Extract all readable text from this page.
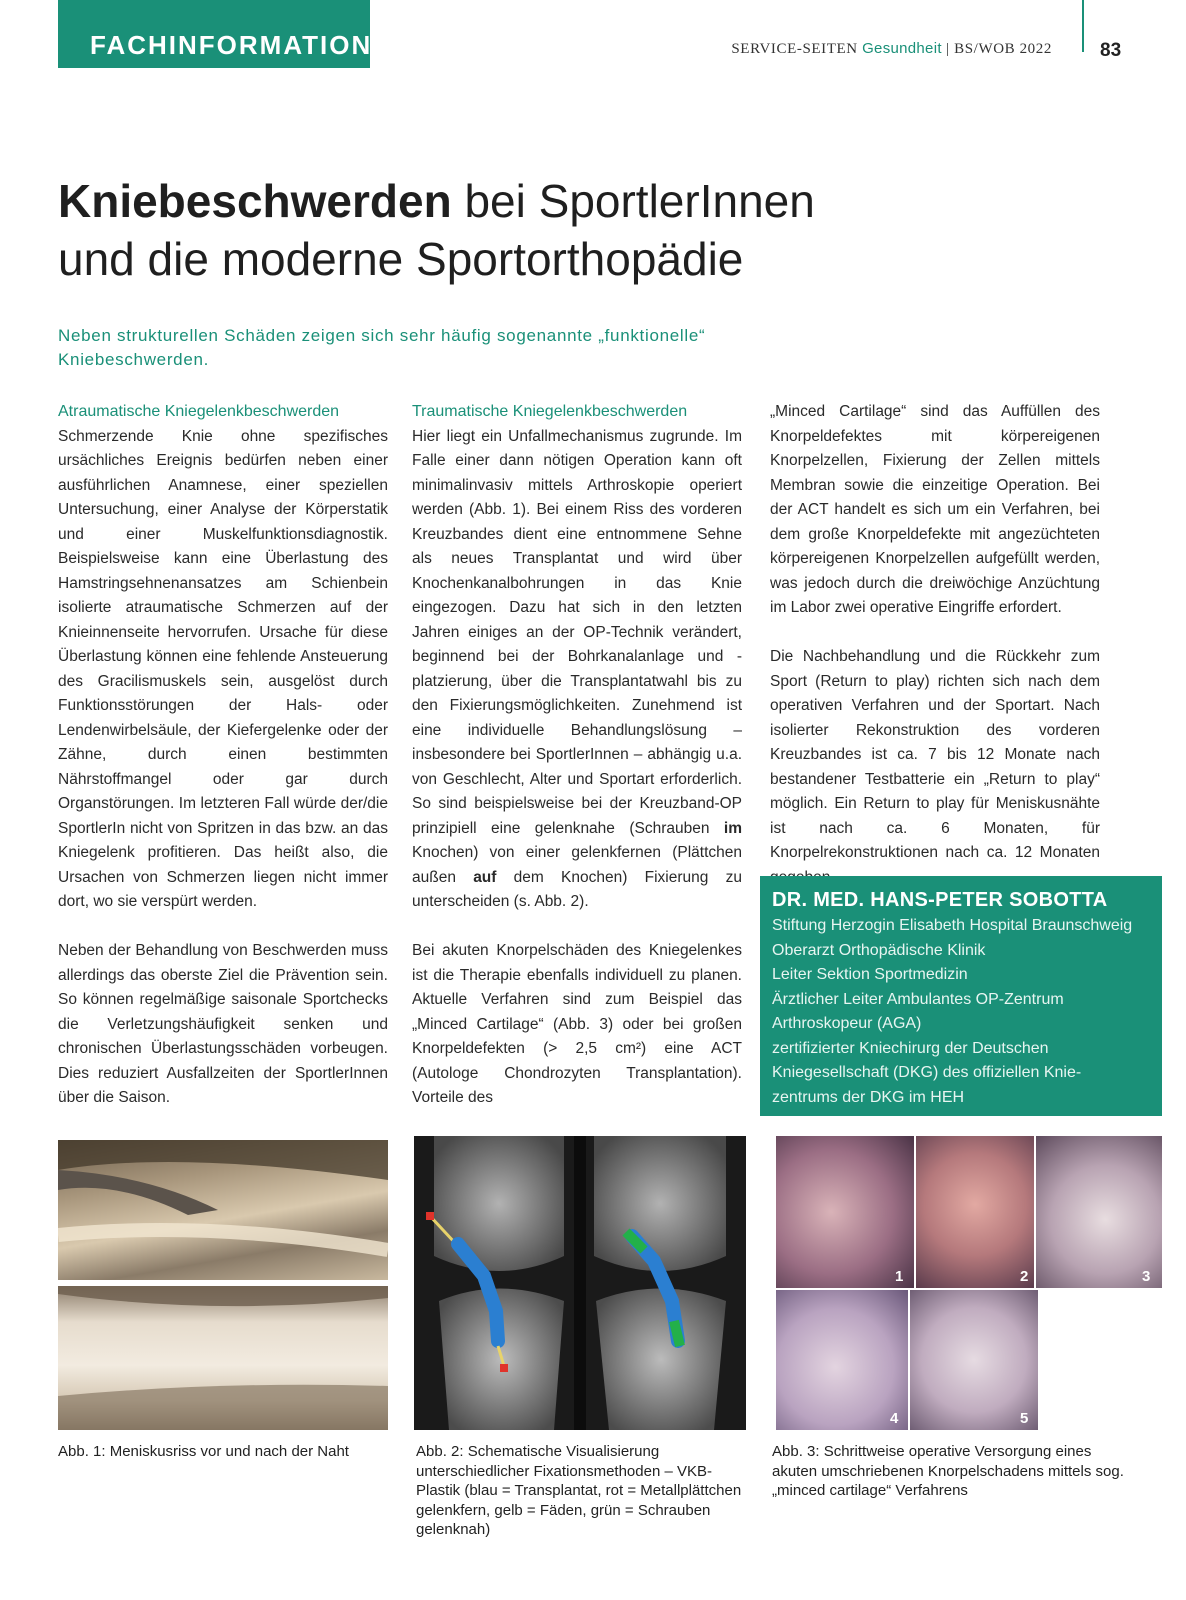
FACHINFORMATION	SERVICE-SEITEN Gesundheit | BS/WOB 2022	83
Kniebeschwerden bei SportlerInnen
und die moderne Sportorthopädie
Neben strukturellen Schäden zeigen sich sehr häufig sogenannte „funktionelle“ Kniebeschwerden.
Atraumatische Kniegelenkbeschwerden

Schmerzende Knie ohne spezifisches ursächliches Ereignis bedürfen neben einer ausführlichen Anamnese, einer speziellen Untersuchung, einer Analyse der Körperstatik und einer Muskelfunktionsdiagnostik. Beispielsweise kann eine Überlastung des Hamstringsehnenansatzes am Schienbein isolierte atraumatische Schmerzen auf der Knieinnenseite hervorrufen. Ursache für diese Überlastung können eine fehlende Ansteuerung des Gracilismuskels sein, ausgelöst durch Funktionsstörungen der Hals- oder Lendenwirbelsäule, der Kiefergelenke oder der Zähne, durch einen bestimmten Nährstoffmangel oder gar durch Organstörungen. Im letzteren Fall würde der/die SportlerIn nicht von Spritzen in das bzw. an das Kniegelenk profitieren. Das heißt also, die Ursachen von Schmerzen liegen nicht immer dort, wo sie verspürt werden.

Neben der Behandlung von Beschwerden muss allerdings das oberste Ziel die Prävention sein. So können regelmäßige saisonale Sportchecks die Verletzungshäufigkeit senken und chronischen Überlastungsschäden vorbeugen. Dies reduziert Ausfallzeiten der SportlerInnen über die Saison.

Traumatische Kniegelenkbeschwerden

Hier liegt ein Unfallmechanismus zugrunde. Im Falle einer dann nötigen Operation kann oft minimalinvasiv mittels Arthroskopie operiert werden (Abb. 1). Bei einem Riss des vorderen Kreuzbandes dient eine entnommene Sehne als neues Transplantat und wird über Knochenkanalbohrungen in das Knie eingezogen. Dazu hat sich in den letzten Jahren einiges an der OP-Technik verändert, beginnend bei der Bohrkanalanlage und -platzierung, über die Transplantatwahl bis zu den Fixierungsmöglichkeiten. Zunehmend ist eine individuelle Behandlungslösung – insbesondere bei SportlerInnen – abhängig u.a. von Geschlecht, Alter und Sportart erforderlich. So sind beispielsweise bei der Kreuzband-OP prinzipiell eine gelenknahe (Schrauben im Knochen) von einer gelenkfernen (Plättchen außen auf dem Knochen) Fixierung zu unterscheiden (s. Abb. 2).

Bei akuten Knorpelschäden des Kniegelenkes ist die Therapie ebenfalls individuell zu planen. Aktuelle Verfahren sind zum Beispiel das „Minced Cartilage“ (Abb. 3) oder bei großen Knorpeldefekten (> 2,5 cm²) eine ACT (Autologe Chondrozyten Transplantation). Vorteile des

„Minced Cartilage“ sind das Auffüllen des Knorpeldefektes mit körpereigenen Knorpelzellen, Fixierung der Zellen mittels Membran sowie die einzeitige Operation. Bei der ACT handelt es sich um ein Verfahren, bei dem große Knorpeldefekte mit angezüchteten körpereigenen Knorpelzellen aufgefüllt werden, was jedoch durch die dreiwöchige Anzüchtung im Labor zwei operative Eingriffe erfordert.

Die Nachbehandlung und die Rückkehr zum Sport (Return to play) richten sich nach dem operativen Verfahren und der Sportart. Nach isolierter Rekonstruktion des vorderen Kreuzbandes ist ca. 7 bis 12 Monate nach bestandener Testbatterie ein „Return to play“ möglich. Ein Return to play für Meniskusnähte ist nach ca. 6 Monaten, für Knorpelrekonstruktionen nach ca. 12 Monaten

DR. MED. HANS-PETER SOBOTTA
Stiftung Herzogin Elisabeth Hospital Braunschweig
Oberarzt Orthopädische Klinik
Leiter Sektion Sportmedizin
Ärztlicher Leiter Ambulantes OP-Zentrum
Arthroskopeur (AGA)
zertifizierter Kniechirurg der Deutschen
Kniegesellschaft (DKG) des offiziellen Knie-
zentrums der DKG im HEH
1	2	3
4	5
Abb. 1: Meniskusriss vor und nach der Naht	Abb. 2: Schematische Visualisierung unterschiedlicher Fixationsmethoden – VKB-Plastik (blau = Transplantat, rot = Metallplättchen gelenkfern, gelb = Fäden, grün = Schrauben gelenknah)
Abb. 3: Schrittweise operative Versorgung eines akuten umschriebenen Knorpelschadens mittels sog. „minced cartilage“ Verfahrens
